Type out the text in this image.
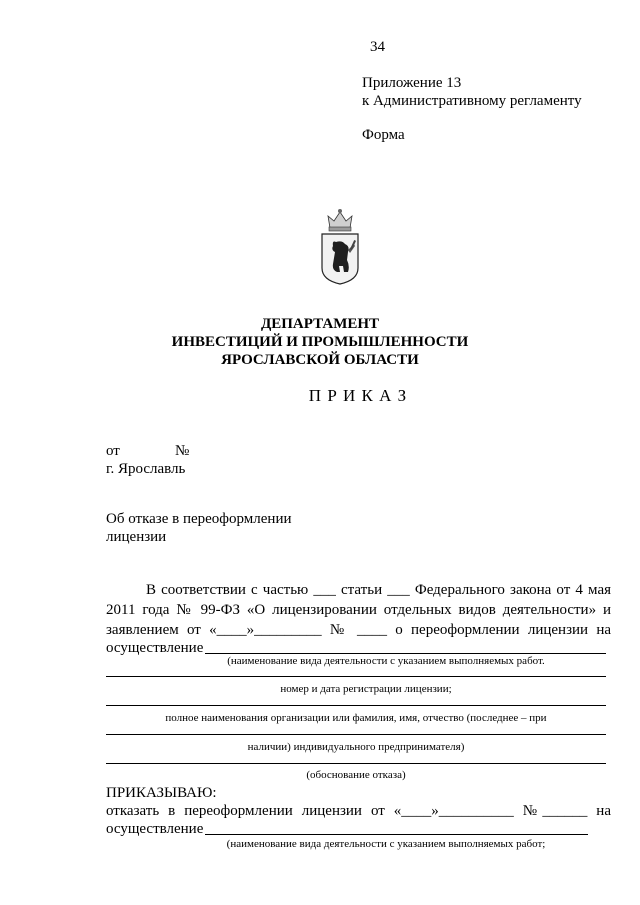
34
Приложение 13
к Административному регламенту
Форма
ДЕПАРТАМЕНТ
ИНВЕСТИЦИЙ И ПРОМЫШЛЕННОСТИ
ЯРОСЛАВСКОЙ ОБЛАСТИ
П Р И К А З
от	№
г. Ярославль
Об отказе в переоформлении
лицензии
В соответствии с частью ___ статьи ___ Федерального закона от 4 мая
2011 года № 99-ФЗ «О лицензировании отдельных видов деятельности» и
заявлением от «____»_________ № ____ о переоформлении лицензии на
осуществление
(наименование вида деятельности с указанием выполняемых работ.
номер и дата регистрации лицензии;
полное наименования организации или фамилия, имя, отчество (последнее – при
наличии) индивидуального предпринимателя)
(обоснование отказа)
ПРИКАЗЫВАЮ:
отказать в переоформлении лицензии от «____»__________ №______ на
осуществление
(наименование вида деятельности с указанием выполняемых работ;
